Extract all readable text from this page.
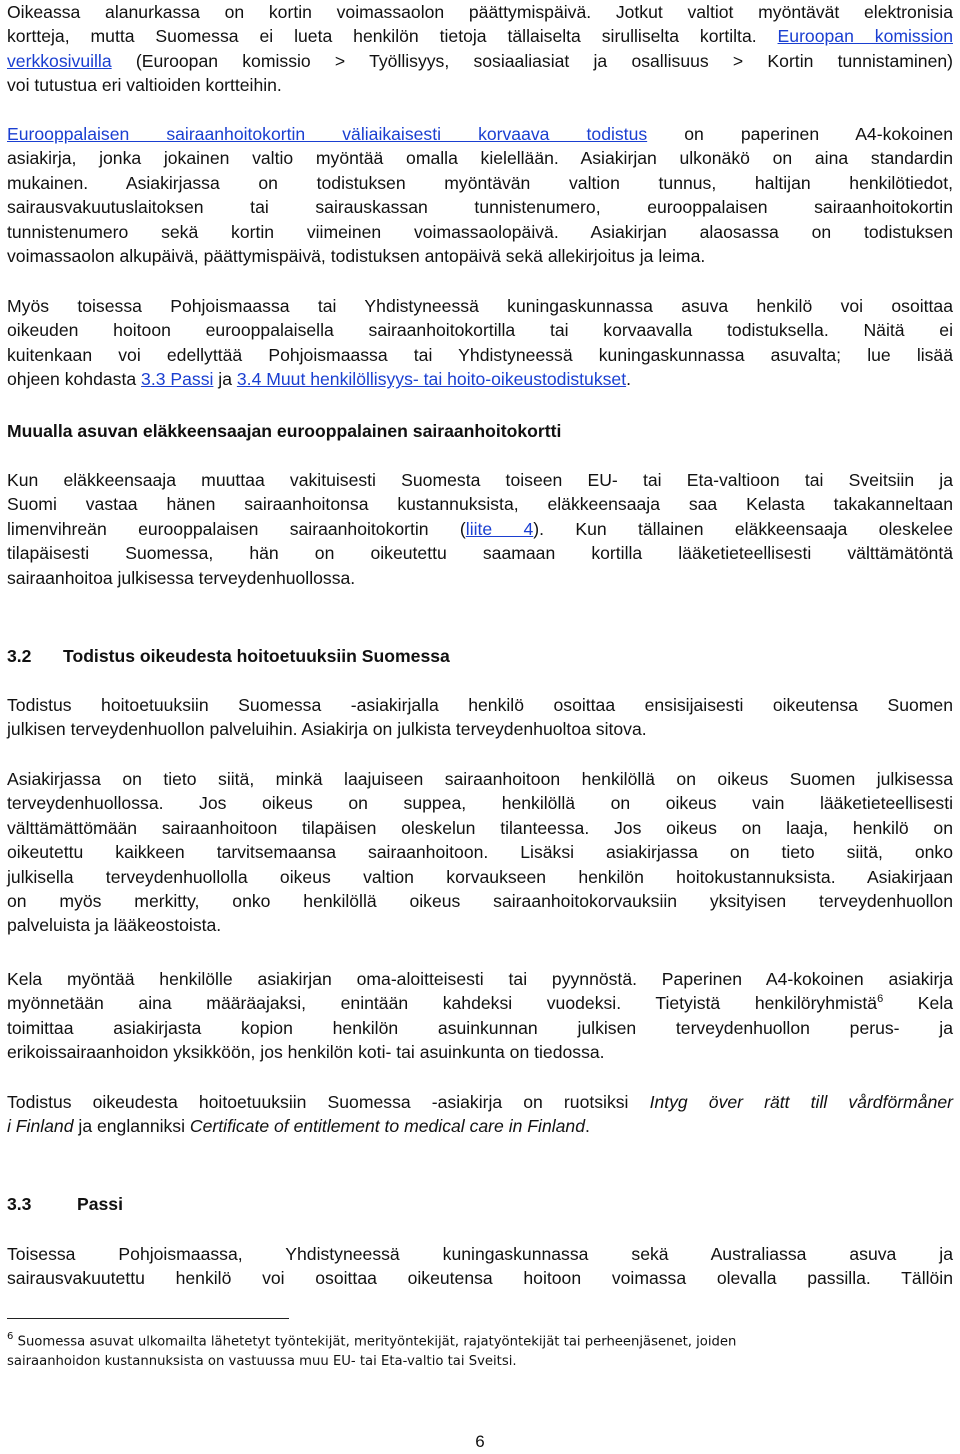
Oikeassa alanurkassa on kortin voimassaolon päättymispäivä. Jotkut valtiot myöntävät elektronisia
kortteja, mutta Suomessa ei lueta henkilön tietoja tällaiselta sirulliselta kortilta. Euroopan komission
verkkosivuilla (Euroopan komissio > Työllisyys, sosiaaliasiat ja osallisuus > Kortin tunnistaminen)
voi tutustua eri valtioiden kortteihin.
Eurooppalaisen sairaanhoitokortin väliaikaisesti korvaava todistus on paperinen A4-kokoinen
asiakirja, jonka jokainen valtio myöntää omalla kielellään. Asiakirjan ulkonäkö on aina standardin
mukainen. Asiakirjassa on todistuksen myöntävän valtion tunnus, haltijan henkilötiedot,
sairausvakuutuslaitoksen tai sairauskassan tunnistenumero, eurooppalaisen sairaanhoitokortin
tunnistenumero sekä kortin viimeinen voimassaolopäivä. Asiakirjan alaosassa on todistuksen
voimassaolon alkupäivä, päättymispäivä, todistuksen antopäivä sekä allekirjoitus ja leima.
Myös toisessa Pohjoismaassa tai Yhdistyneessä kuningaskunnassa asuva henkilö voi osoittaa
oikeuden hoitoon eurooppalaisella sairaanhoitokortilla tai korvaavalla todistuksella. Näitä ei
kuitenkaan voi edellyttää Pohjoismaassa tai Yhdistyneessä kuningaskunnassa asuvalta; lue lisää
ohjeen kohdasta 3.3 Passi ja 3.4 Muut henkilöllisyys- tai hoito-oikeustodistukset.
Muualla asuvan eläkkeensaajan eurooppalainen sairaanhoitokortti
Kun eläkkeensaaja muuttaa vakituisesti Suomesta toiseen EU- tai Eta-valtioon tai Sveitsiin ja
Suomi vastaa hänen sairaanhoitonsa kustannuksista, eläkkeensaaja saa Kelasta takakanneltaan
limenvihreän eurooppalaisen sairaanhoitokortin (liite 4). Kun tällainen eläkkeensaaja oleskelee
tilapäisesti Suomessa, hän on oikeutettu saamaan kortilla lääketieteellisesti välttämätöntä
sairaanhoitoa julkisessa terveydenhuollossa.
3.2 Todistus oikeudesta hoitoetuuksiin Suomessa
Todistus hoitoetuuksiin Suomessa -asiakirjalla henkilö osoittaa ensisijaisesti oikeutensa Suomen
julkisen terveydenhuollon palveluihin. Asiakirja on julkista terveydenhuoltoa sitova.
Asiakirjassa on tieto siitä, minkä laajuiseen sairaanhoitoon henkilöllä on oikeus Suomen julkisessa
terveydenhuollossa. Jos oikeus on suppea, henkilöllä on oikeus vain lääketieteellisesti
välttämättömään sairaanhoitoon tilapäisen oleskelun tilanteessa. Jos oikeus on laaja, henkilö on
oikeutettu kaikkeen tarvitsemaansa sairaanhoitoon. Lisäksi asiakirjassa on tieto siitä, onko
julkisella terveydenhuollolla oikeus valtion korvaukseen henkilön hoitokustannuksista. Asiakirjaan
on myös merkitty, onko henkilöllä oikeus sairaanhoitokorvauksiin yksityisen terveydenhuollon
palveluista ja lääkeostoista.
Kela myöntää henkilölle asiakirjan oma-aloitteisesti tai pyynnöstä. Paperinen A4-kokoinen asiakirja
myönnetään aina määräajaksi, enintään kahdeksi vuodeksi. Tietyistä henkilöryhmistä$^6$ Kela
toimittaa asiakirjasta kopion henkilön asuinkunnan julkisen terveydenhuollon perus- ja
erikoissairaanhoidon yksikköön, jos henkilön koti- tai asuinkunta on tiedossa.
Todistus oikeudesta hoitoetuuksiin Suomessa -asiakirja on ruotsiksi Intyg över rätt till vårdförmåner
i Finland ja englanniksi Certificate of entitlement to medical care in Finland.
3.3	Passi
Toisessa Pohjoismaassa, Yhdistyneessä kuningaskunnassa sekä Australiassa asuva ja
sairausvakuutettu henkilö voi osoittaa oikeutensa hoitoon voimassa olevalla passilla. Tällöin
$^6$ Suomessa asuvat ulkomailta lähetetyt työntekijät, merityöntekijät, rajatyöntekijät tai perheenjäsenet, joiden
sairaanhoidon kustannuksista on vastuussa muu EU- tai Eta-valtio tai Sveitsi.
6
